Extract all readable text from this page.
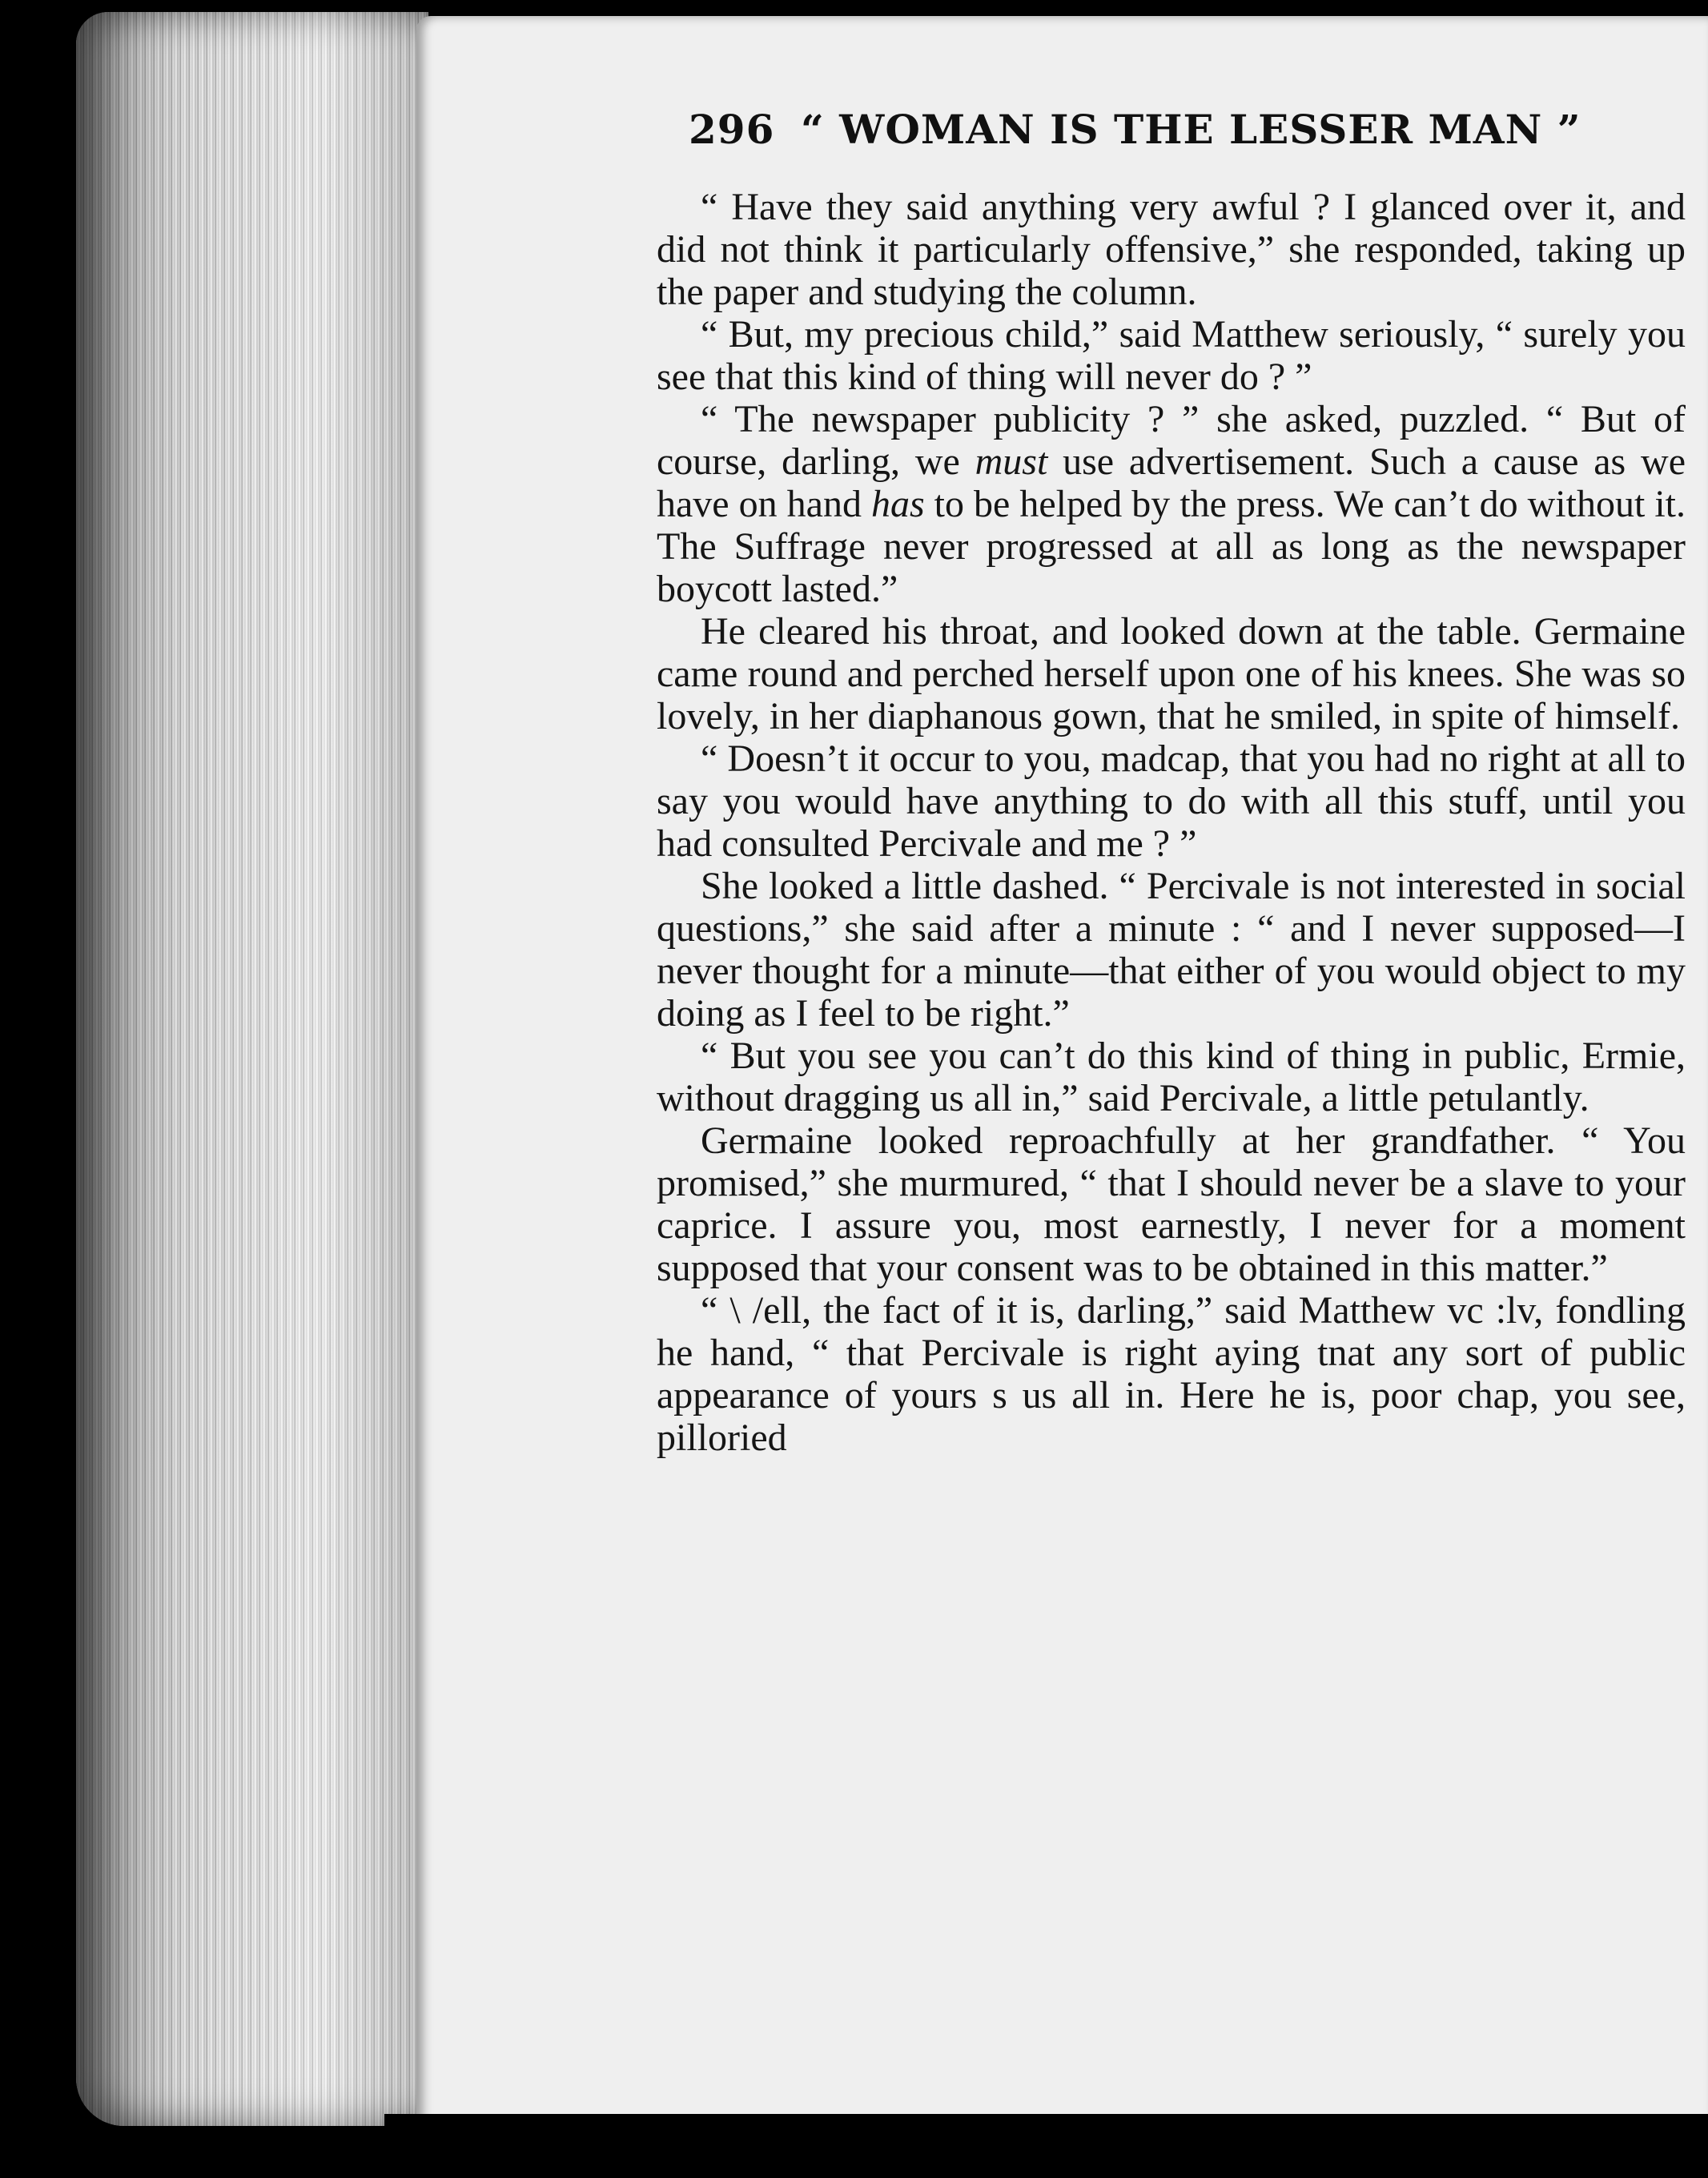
296 “ WOMAN IS THE LESSER MAN ”

“ Have they said anything very awful ? I glanced over it, and did not think it particularly offensive,” she responded, taking up the paper and studying the column.

“ But, my precious child,” said Matthew seriously, “ surely you see that this kind of thing will never do ? ”

“ The newspaper publicity ? ” she asked, puzzled. “ But of course, darling, we must use advertisement. Such a cause as we have on hand has to be helped by the press. We can’t do without it. The Suffrage never progressed at all as long as the newspaper boycott lasted.”

He cleared his throat, and looked down at the table. Germaine came round and perched herself upon one of his knees. She was so lovely, in her diaphanous gown, that he smiled, in spite of himself.

“ Doesn’t it occur to you, madcap, that you had no right at all to say you would have anything to do with all this stuff, until you had consulted Percivale and me ? ”

She looked a little dashed. “ Percivale is not interested in social questions,” she said after a minute : “ and I never supposed—I never thought for a minute—that either of you would object to my doing as I feel to be right.”

“ But you see you can’t do this kind of thing in public, Ermie, without dragging us all in,” said Percivale, a little petulantly.

Germaine looked reproachfully at her grandfather. “ You promised,” she murmured, “ that I should never be a slave to your caprice. I assure you, most earnestly, I never for a moment supposed that your consent was to be obtained in this matter.”

“ \ /ell, the fact of it is, darling,” said Matthew vc :lv, fondling he hand, “ that Percivale is right aying tnat any sort of public appearance of yours s us all in. Here he is, poor chap, you see, pilloried
